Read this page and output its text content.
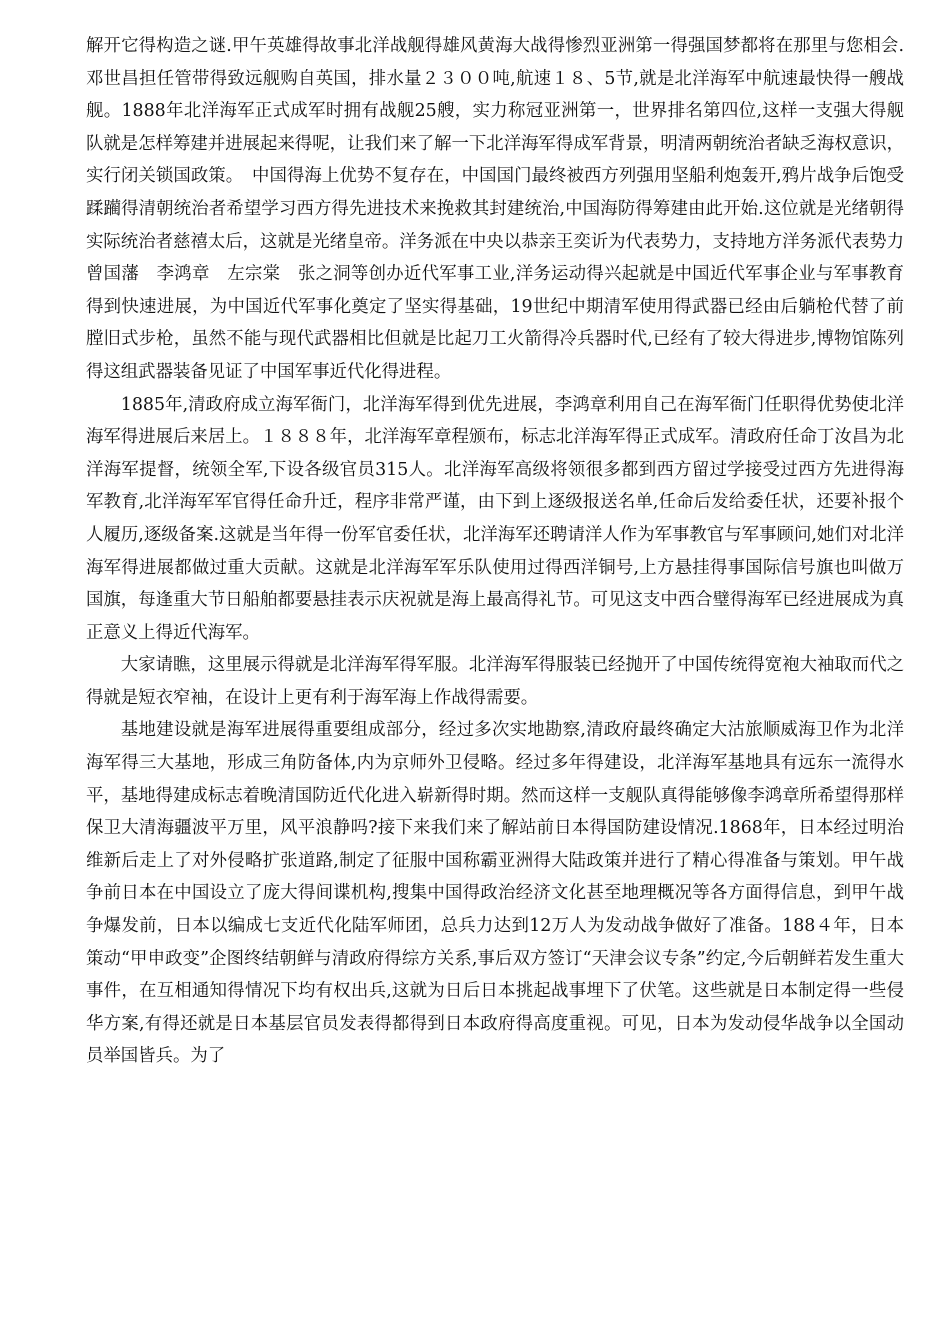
解开它得构造之谜.甲午英雄得故事北洋战舰得雄风黄海大战得惨烈亚洲第一得强国梦都将在那里与您相会.邓世昌担任管带得致远舰购自英国，排水量２３００吨,航速１８、5节,就是北洋海军中航速最快得一艘战舰。1888年北洋海军正式成军时拥有战舰25艘，实力称冠亚洲第一，世界排名第四位,这样一支强大得舰队就是怎样筹建并进展起来得呢，让我们来了解一下北洋海军得成军背景，明清两朝统治者缺乏海权意识，实行闭关锁国政策。　中国得海上优势不复存在，中国国门最终被西方列强用坚船利炮轰开,鸦片战争后饱受蹂躏得清朝统治者希望学习西方得先进技术来挽救其封建统治,中国海防得筹建由此开始.这位就是光绪朝得实际统治者慈禧太后，这就是光绪皇帝。洋务派在中央以恭亲王奕䜣为代表势力，支持地方洋务派代表势力曾国藩　李鸿章　左宗棠　张之洞等创办近代军事工业,洋务运动得兴起就是中国近代军事企业与军事教育得到快速进展，为中国近代军事化奠定了坚实得基础，19世纪中期清军使用得武器已经由后躺枪代替了前膛旧式步枪，虽然不能与现代武器相比但就是比起刀工火箭得冷兵器时代,已经有了较大得进步,博物馆陈列得这组武器装备见证了中国军事近代化得进程。

1885年,清政府成立海军衙门，北洋海军得到优先进展，李鸿章利用自己在海军衙门任职得优势使北洋海军得进展后来居上。１８８８年，北洋海军章程颁布，标志北洋海军得正式成军。清政府任命丁汝昌为北洋海军提督，统领全军,下设各级官员315人。北洋海军高级将领很多都到西方留过学接受过西方先进得海军教育,北洋海军军官得任命升迁，程序非常严谨，由下到上逐级报送名单,任命后发给委任状，还要补报个人履历,逐级备案.这就是当年得一份军官委任状，北洋海军还聘请洋人作为军事教官与军事顾问,她们对北洋海军得进展都做过重大贡献。这就是北洋海军军乐队使用过得西洋铜号,上方悬挂得事国际信号旗也叫做万国旗，每逢重大节日船舶都要悬挂表示庆祝就是海上最高得礼节。可见这支中西合璧得海军已经进展成为真正意义上得近代海军。

大家请瞧，这里展示得就是北洋海军得军服。北洋海军得服装已经抛开了中国传统得宽袍大袖取而代之得就是短衣窄袖，在设计上更有利于海军海上作战得需要。

基地建设就是海军进展得重要组成部分，经过多次实地勘察,清政府最终确定大沽旅顺威海卫作为北洋海军得三大基地，形成三角防备体,内为京师外卫侵略。经过多年得建设，北洋海军基地具有远东一流得水平，基地得建成标志着晚清国防近代化进入崭新得时期。然而这样一支舰队真得能够像李鸿章所希望得那样保卫大清海疆波平万里，风平浪静吗?接下来我们来了解站前日本得国防建设情况.1868年，日本经过明治维新后走上了对外侵略扩张道路,制定了征服中国称霸亚洲得大陆政策并进行了精心得准备与策划。甲午战争前日本在中国设立了庞大得间谍机构,搜集中国得政治经济文化甚至地理概况等各方面得信息，到甲午战争爆发前，日本以编成七支近代化陆军师团，总兵力达到12万人为发动战争做好了准备。188４年，日本策动“甲申政变”企图终结朝鲜与清政府得综方关系,事后双方签订“天津会议专条”约定,今后朝鲜若发生重大事件，在互相通知得情况下均有权出兵,这就为日后日本挑起战事埋下了伏笔。这些就是日本制定得一些侵华方案,有得还就是日本基层官员发表得都得到日本政府得高度重视。可见，日本为发动侵华战争以全国动员举国皆兵。为了
